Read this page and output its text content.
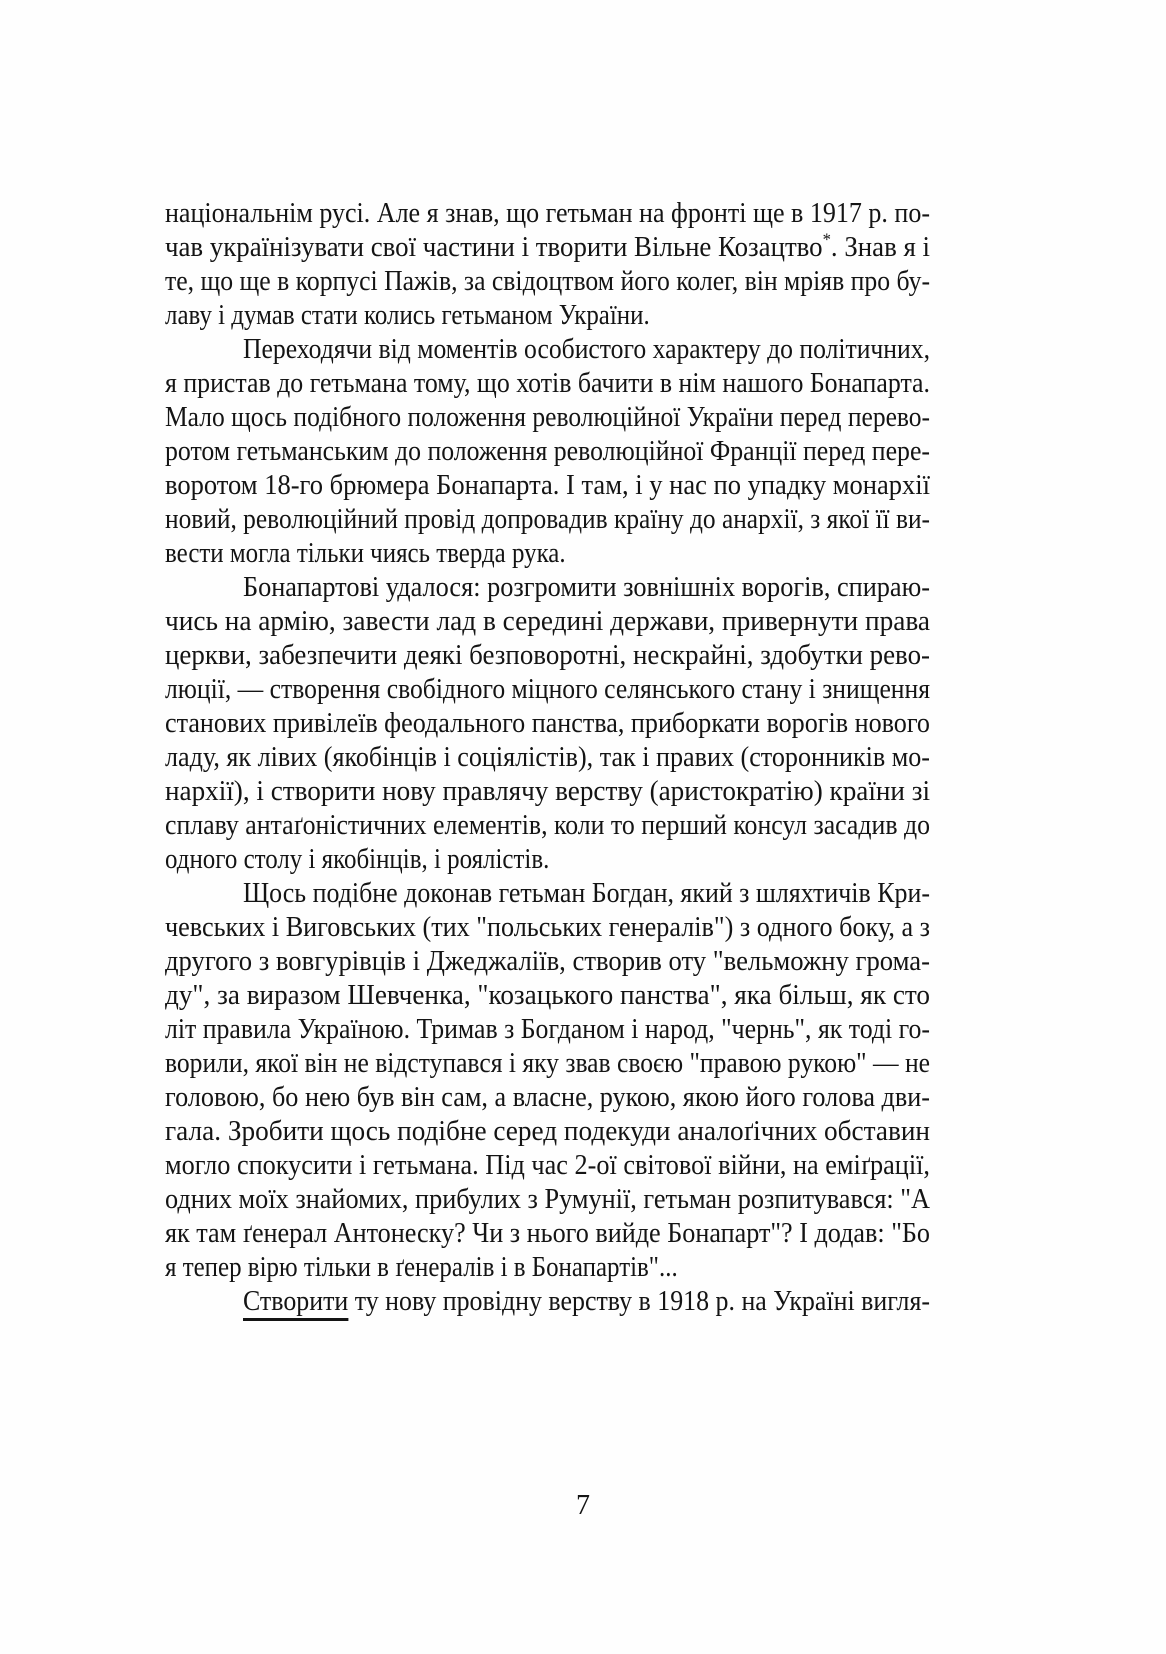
національнім русі. Але я знав, що гетьман на фронті ще в 1917 р. по-
чав українізувати свої частини і творити Вільне Козацтво*. Знав я і
те, що ще в корпусі Пажів, за свідоцтвом його колег, він мріяв про бу-
лаву і думав стати колись гетьманом України.
Переходячи від моментів особистого характеру до політичних,
я пристав до гетьмана тому, що хотів бачити в нім нашого Бонапарта.
Мало щось подібного положення революційної України перед перево-
ротом гетьманським до положення революційної Франції перед пере-
воротом 18-го брюмера Бонапарта. І там, і у нас по упадку монархії
новий, революційний провід допровадив країну до анархії, з якої її ви-
вести могла тільки чиясь тверда рука.
Бонапартові удалося: розгромити зовнішніх ворогів, спираю-
чись на армію, завести лад в середині держави, привернути права
церкви, забезпечити деякі безповоротні, нескрайні, здобутки рево-
люції, — створення свобідного міцного селянського стану і знищення
станових привілеїв феодального панства, приборкати ворогів нового
ладу, як лівих (якобінців і соціялістів), так і правих (сторонників мо-
нархії), і створити нову правлячу верству (аристократію) країни зі
сплаву антаґоністичних елементів, коли то перший консул засадив до
одного столу і якобінців, і роялістів.
Щось подібне доконав гетьман Богдан, який з шляхтичів Кри-
чевських і Виговських (тих "польських генералів") з одного боку, а з
другого з вовгурівців і Джеджаліїв, створив оту "вельможну грома-
ду", за виразом Шевченка, "козацького панства", яка більш, як сто
літ правила Україною. Тримав з Богданом і народ, "чернь", як тоді го-
ворили, якої він не відступався і яку звав своєю "правою рукою" — не
головою, бо нею був він сам, а власне, рукою, якою його голова дви-
гала. Зробити щось подібне серед подекуди аналоґічних обставин
могло спокусити і гетьмана. Під час 2-ої світової війни, на еміґрації,
одних моїх знайомих, прибулих з Румунії, гетьман розпитувався: "А
як там ґенерал Антонеску? Чи з нього вийде Бонапарт"? І додав: "Бо
я тепер вірю тільки в ґенералів і в Бонапартів"...
Створити ту нову провідну верству в 1918 р. на Україні вигля-
7
